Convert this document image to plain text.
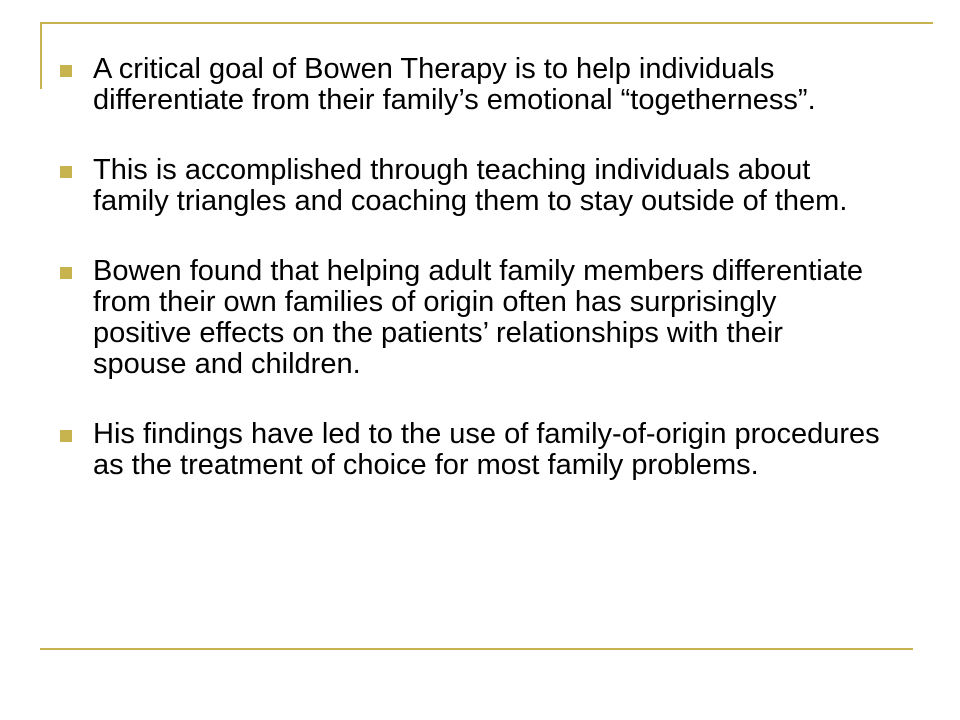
A critical goal of Bowen Therapy is to help individuals differentiate from their family’s emotional “togetherness”.
This is accomplished through teaching individuals about family triangles and coaching them to stay outside of them.
Bowen found that helping adult family members differentiate from their own families of origin often has surprisingly positive effects on the patients’ relationships with their spouse and children.
His findings have led to the use of family-of-origin procedures as the treatment of choice for most family problems.
